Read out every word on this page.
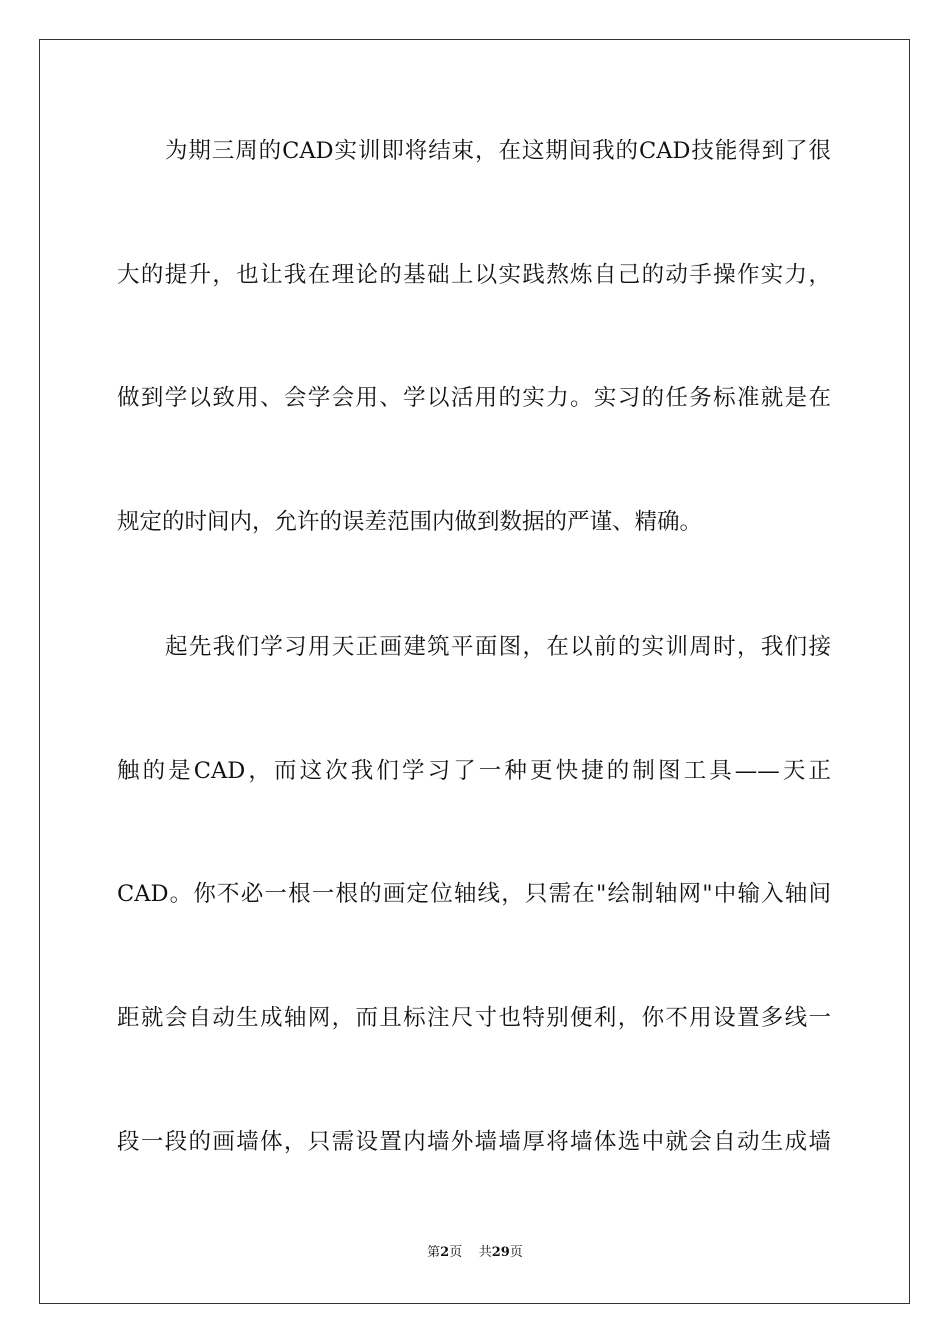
为期三周的CAD实训即将结束，在这期间我的CAD技能得到了很
大的提升，也让我在理论的基础上以实践熬炼自己的动手操作实力，
做到学以致用、会学会用、学以活用的实力。实习的任务标准就是在
规定的时间内，允许的误差范围内做到数据的严谨、精确。
起先我们学习用天正画建筑平面图，在以前的实训周时，我们接
触的是CAD，而这次我们学习了一种更快捷的制图工具——天正
CAD。你不必一根一根的画定位轴线，只需在"绘制轴网"中输入轴间
距就会自动生成轴网，而且标注尺寸也特别便利，你不用设置多线一
段一段的画墙体，只需设置内墙外墙墙厚将墙体选中就会自动生成墙
第2页 共29页
